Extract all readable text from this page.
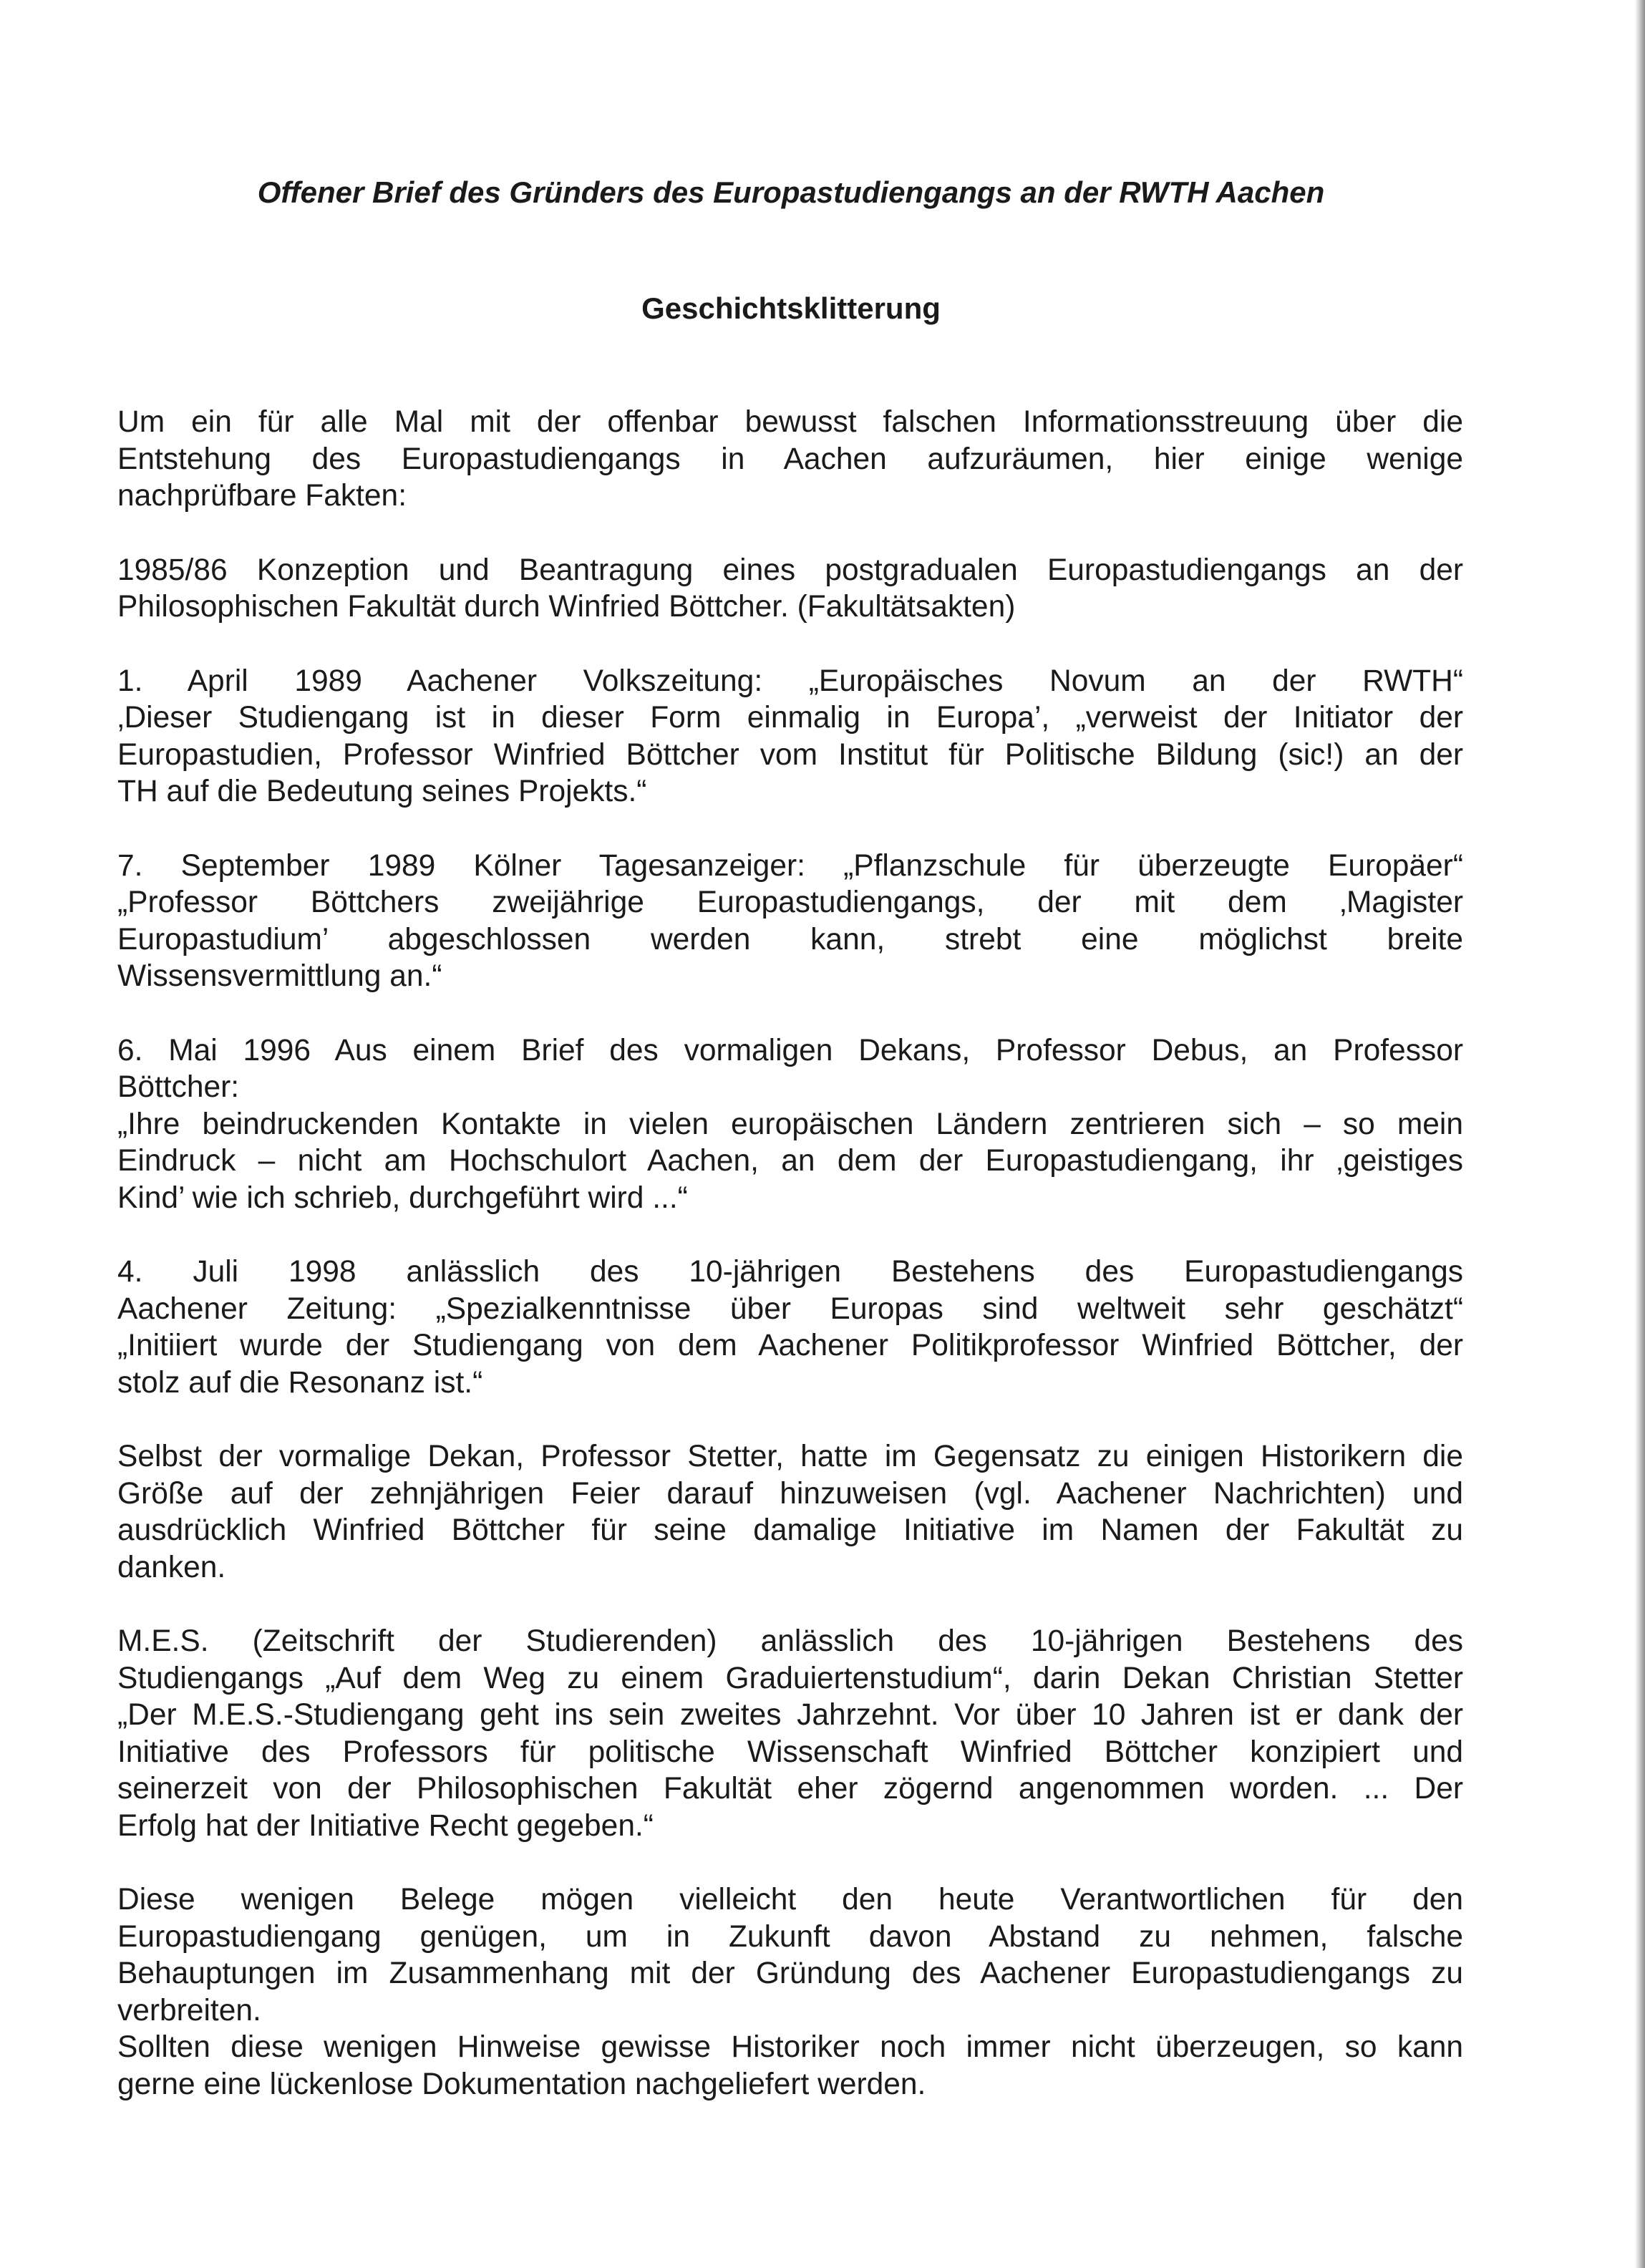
Offener Brief des Gründers des Europastudiengangs an der RWTH Aachen
Geschichtsklitterung
Um ein für alle Mal mit der offenbar bewusst falschen Informationsstreuung über die
Entstehung des Europastudiengangs in Aachen aufzuräumen, hier einige wenige
nachprüfbare Fakten:
1985/86 Konzeption und Beantragung eines postgradualen Europastudiengangs an der
Philosophischen Fakultät durch Winfried Böttcher. (Fakultätsakten)
1. April 1989 Aachener Volkszeitung: „Europäisches Novum an der RWTH“
‚Dieser Studiengang ist in dieser Form einmalig in Europa’, „verweist der Initiator der
Europastudien, Professor Winfried Böttcher vom Institut für Politische Bildung (sic!) an der
TH auf die Bedeutung seines Projekts.“
7. September 1989 Kölner Tagesanzeiger: „Pflanzschule für überzeugte Europäer“
„Professor Böttchers zweijährige Europastudiengangs, der mit dem ‚Magister
Europastudium’ abgeschlossen werden kann, strebt eine möglichst breite
Wissensvermittlung an.“
6. Mai 1996 Aus einem Brief des vormaligen Dekans, Professor Debus, an Professor
Böttcher:
„Ihre beindruckenden Kontakte in vielen europäischen Ländern zentrieren sich – so mein
Eindruck – nicht am Hochschulort Aachen, an dem der Europastudiengang, ihr ‚geistiges
Kind’ wie ich schrieb, durchgeführt wird ...“
4. Juli 1998 anlässlich des 10-jährigen Bestehens des Europastudiengangs
Aachener Zeitung: „Spezialkenntnisse über Europas sind weltweit sehr geschätzt“
„Initiiert wurde der Studiengang von dem Aachener Politikprofessor Winfried Böttcher, der
stolz auf die Resonanz ist.“
Selbst der vormalige Dekan, Professor Stetter, hatte im Gegensatz zu einigen Historikern die
Größe auf der zehnjährigen Feier darauf hinzuweisen (vgl. Aachener Nachrichten) und
ausdrücklich Winfried Böttcher für seine damalige Initiative im Namen der Fakultät zu
danken.
M.E.S. (Zeitschrift der Studierenden) anlässlich des 10-jährigen Bestehens des
Studiengangs „Auf dem Weg zu einem Graduiertenstudium“, darin Dekan Christian Stetter
„Der M.E.S.-Studiengang geht ins sein zweites Jahrzehnt. Vor über 10 Jahren ist er dank der
Initiative des Professors für politische Wissenschaft Winfried Böttcher konzipiert und
seinerzeit von der Philosophischen Fakultät eher zögernd angenommen worden. ... Der
Erfolg hat der Initiative Recht gegeben.“
Diese wenigen Belege mögen vielleicht den heute Verantwortlichen für den
Europastudiengang genügen, um in Zukunft davon Abstand zu nehmen, falsche
Behauptungen im Zusammenhang mit der Gründung des Aachener Europastudiengangs zu
verbreiten.
Sollten diese wenigen Hinweise gewisse Historiker noch immer nicht überzeugen, so kann
gerne eine lückenlose Dokumentation nachgeliefert werden.
